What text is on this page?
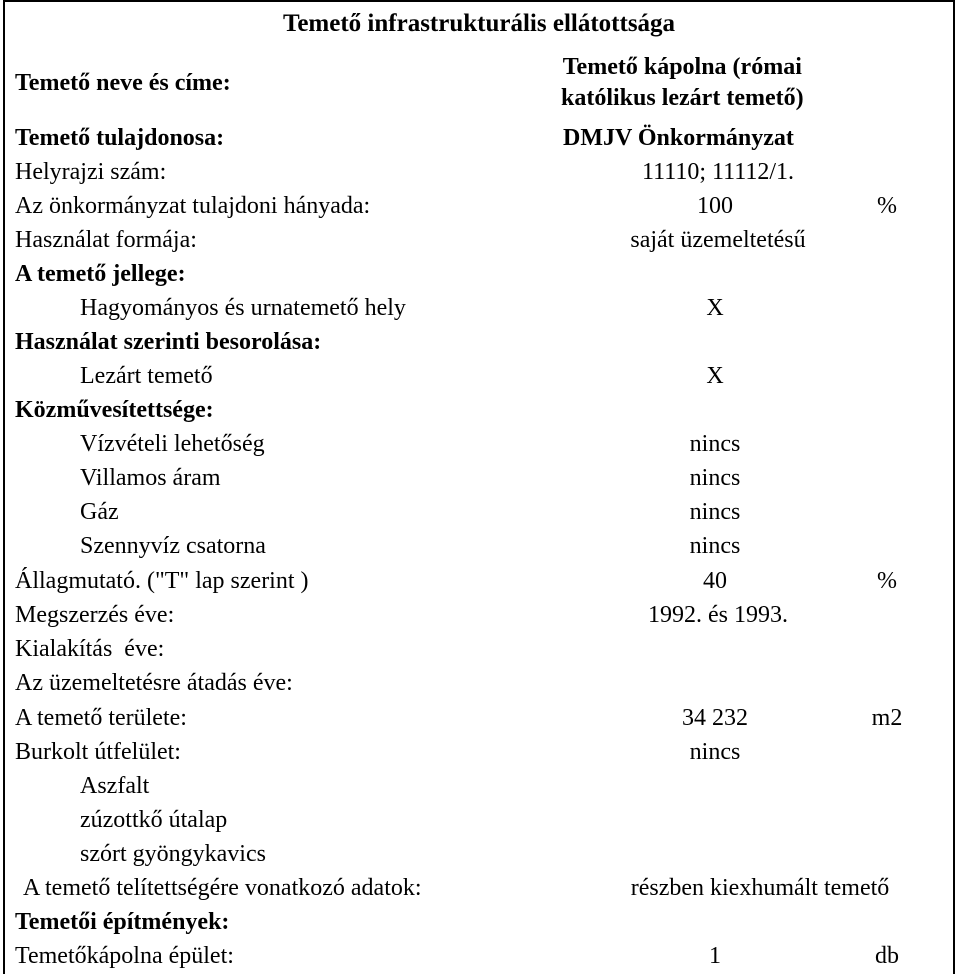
Temető infrastrukturális ellátottsága
Temető neve és címe:
Temető kápolna (római
katólikus lezárt temető)
Temető tulajdonosa:	DMJV Önkormányzat
Helyrajzi szám:	11110; 11112/1.
Az önkormányzat tulajdoni hányada:	100	%
Használat formája:	saját üzemeltetésű
A temető jellege:
Hagyományos és urnatemető hely	X
Használat szerinti besorolása:
Lezárt temető	X
Közművesítettsége:
Vízvételi lehetőség	nincs
Villamos áram	nincs
Gáz	nincs
Szennyvíz csatorna	nincs
Állagmutató. ("T" lap szerint )	40	%
Megszerzés éve:	1992. és 1993.
Kialakítás  éve:
Az üzemeltetésre átadás éve:
A temető területe:	34 232	m2
Burkolt útfelület:	nincs
Aszfalt
zúzottkő útalap
szórt gyöngykavics
A temető telítettségére vonatkozó adatok:	részben kiexhumált temető
Temetői építmények:
Temetőkápolna épület:	1	db
